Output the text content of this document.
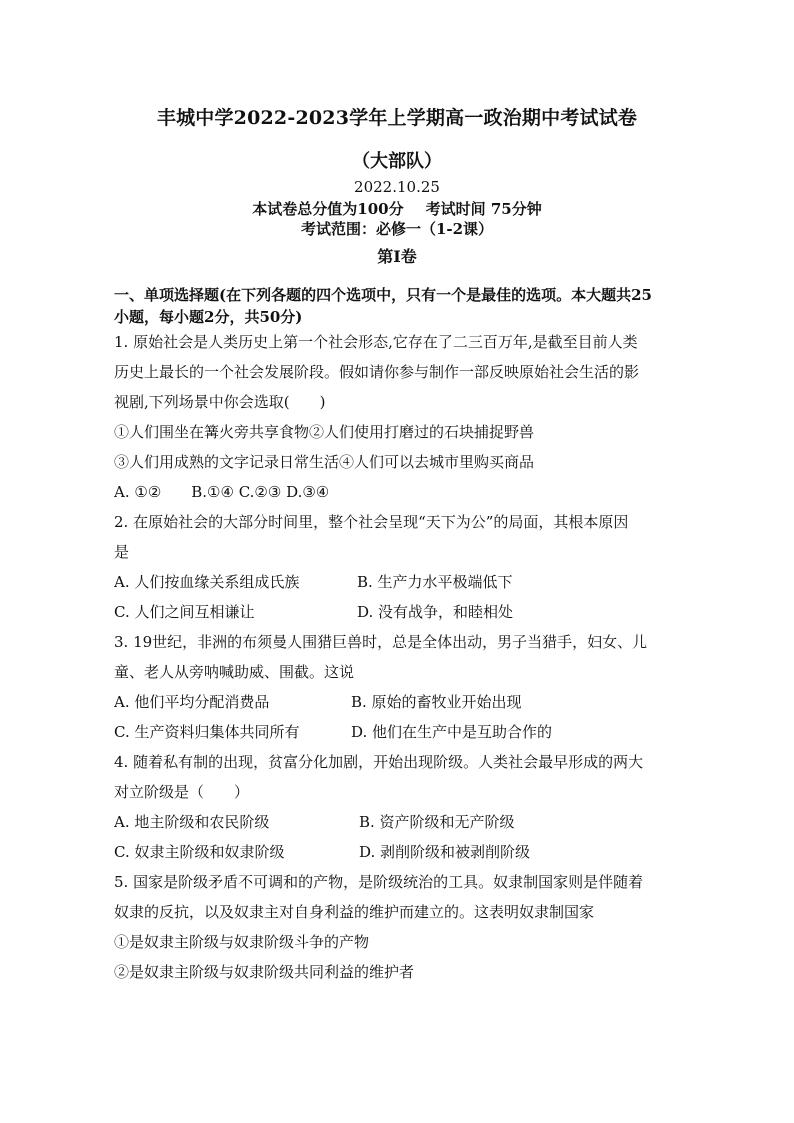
丰城中学2022-2023学年上学期高一政治期中考试试卷
（大部队）
2022.10.25
本试卷总分值为100分 考试时间 75分钟
考试范围：必修一（1-2课）
第Ⅰ卷
一、单项选择题(在下列各题的四个选项中，只有一个是最佳的选项。本大题共25
小题，每小题2分，共50分)
1. 原始社会是人类历史上第一个社会形态,它存在了二三百万年,是截至目前人类
历史上最长的一个社会发展阶段。假如请你参与制作一部反映原始社会生活的影
视剧,下列场景中你会选取(　　)
①人们围坐在篝火旁共享食物②人们使用打磨过的石块捕捉野兽
③人们用成熟的文字记录日常生活④人们可以去城市里购买商品
A. ①②　　B.①④ C.②③ D.③④
2. 在原始社会的大部分时间里，整个社会呈现“天下为公”的局面，其根本原因
是
A. 人们按血缘关系组成氏族	B. 生产力水平极端低下
C. 人们之间互相谦让	D. 没有战争，和睦相处
3. 19世纪，非洲的布须曼人围猎巨兽时，总是全体出动，男子当猎手，妇女、儿
童、老人从旁呐喊助威、围截。这说
A. 他们平均分配消费品	B. 原始的畜牧业开始出现
C. 生产资料归集体共同所有	D. 他们在生产中是互助合作的
4. 随着私有制的出现，贫富分化加剧，开始出现阶级。人类社会最早形成的两大
对立阶级是（　　）
A. 地主阶级和农民阶级	B. 资产阶级和无产阶级
C. 奴隶主阶级和奴隶阶级	D. 剥削阶级和被剥削阶级
5. 国家是阶级矛盾不可调和的产物，是阶级统治的工具。奴隶制国家则是伴随着
奴隶的反抗，以及奴隶主对自身利益的维护而建立的。这表明奴隶制国家
①是奴隶主阶级与奴隶阶级斗争的产物
②是奴隶主阶级与奴隶阶级共同利益的维护者
